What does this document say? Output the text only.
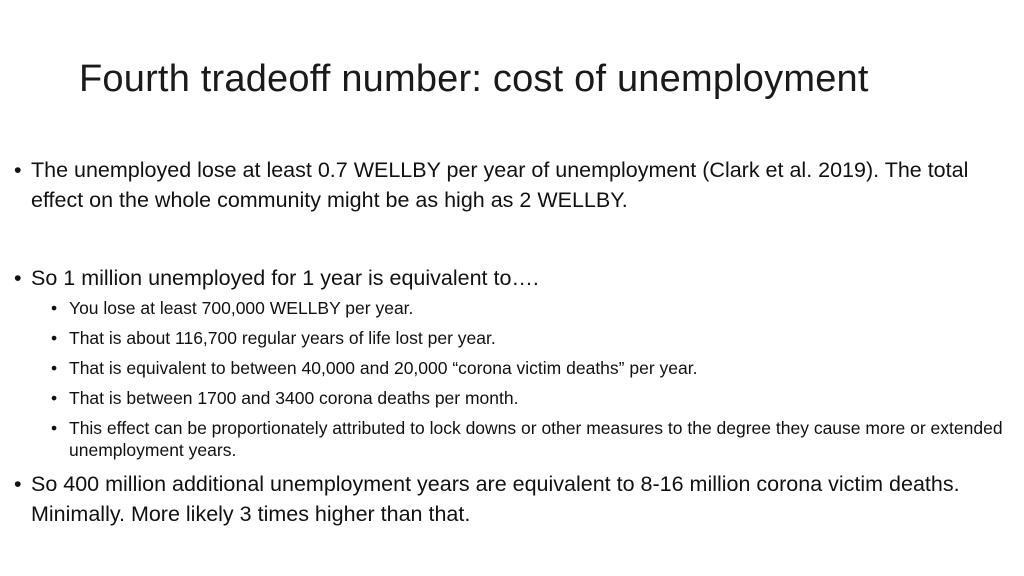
Fourth tradeoff number: cost of unemployment
• The unemployed lose at least 0.7 WELLBY per year of unemployment (Clark et al. 2019). The total effect on the whole community might be as high as 2 WELLBY.
• So 1 million unemployed for 1 year is equivalent to….
• You lose at least 700,000 WELLBY per year.
• That is about 116,700 regular years of life lost per year.
• That is equivalent to between 40,000 and 20,000 “corona victim deaths” per year.
• That is between 1700 and 3400 corona deaths per month.
• This effect can be proportionately attributed to lock downs or other measures to the degree they cause more or extended unemployment years.
• So 400 million additional unemployment years are equivalent to 8-16 million corona victim deaths. Minimally. More likely 3 times higher than that.
